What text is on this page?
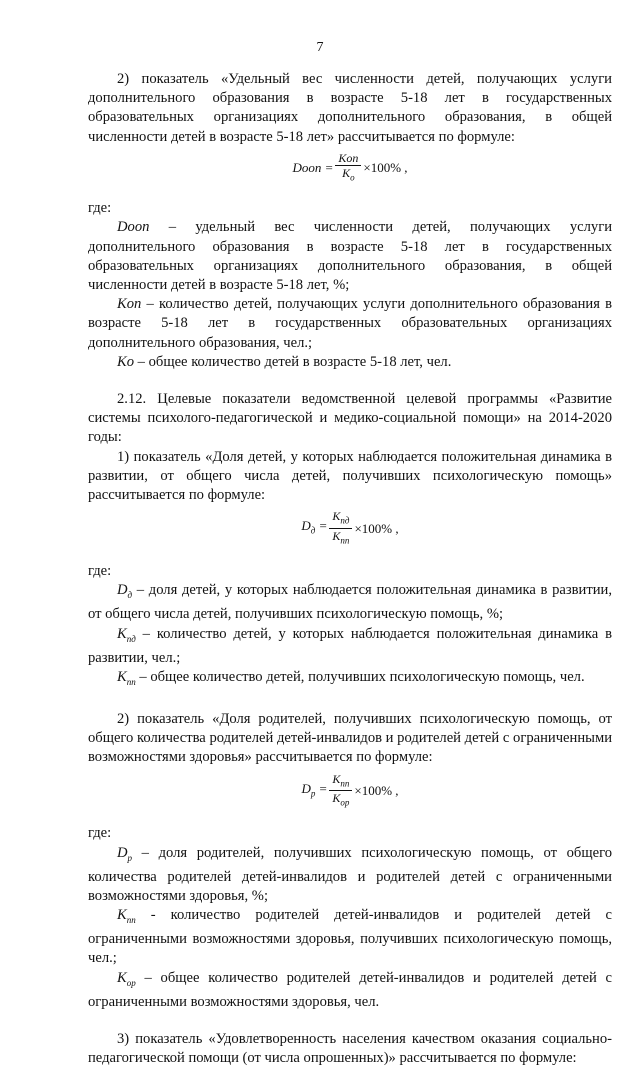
7

2) показатель «Удельный вес численности детей, получающих услуги дополнительного образования в возрасте 5-18 лет в государственных образовательных организациях дополнительного образования, в общей численности детей в возрасте 5-18 лет» рассчитывается по формуле:

Doon = $\frac{\text{Kon}}{K_o} \times 100\%$ ,

где:

Doon – удельный вес численности детей, получающих услуги дополнительного образования в возрасте 5-18 лет в государственных образовательных организациях дополнительного образования, в общей численности детей в возрасте 5-18 лет, %;

Kon – количество детей, получающих услуги дополнительного образования в возрасте 5-18 лет в государственных образовательных организациях дополнительного образования, чел.;

Ko – общее количество детей в возрасте 5-18 лет, чел.

2.12. Целевые показатели ведомственной целевой программы «Развитие системы психолого-педагогической и медико-социальной помощи» на 2014-2020 годы:

1) показатель «Доля детей, у которых наблюдается положительная динамика в развитии, от общего числа детей, получивших психологическую помощь» рассчитывается по формуле:

$D_д = \frac{K_{пд}}{K_{пп}} \times 100\%$ ,

где:

$D_д$ – доля детей, у которых наблюдается положительная динамика в развитии, от общего числа детей, получивших психологическую помощь, %;

$K_{пд}$ – количество детей, у которых наблюдается положительная динамика в развитии, чел.;

$K_{пп}$ – общее количество детей, получивших психологическую помощь, чел.

2) показатель «Доля родителей, получивших психологическую помощь, от общего количества родителей детей-инвалидов и родителей детей с ограниченными возможностями здоровья» рассчитывается по формуле:

$D_р = \frac{K_{пп}}{K_{ор}} \times 100\%$ ,

где:

$D_р$ – доля родителей, получивших психологическую помощь, от общего количества родителей детей-инвалидов и родителей детей с ограниченными возможностями здоровья, %;

$K_{пп}$ - количество родителей детей-инвалидов и родителей детей с ограниченными возможностями здоровья, получивших психологическую помощь, чел.;

$K_{ор}$ – общее количество родителей детей-инвалидов и родителей детей с ограниченными возможностями здоровья, чел.

3) показатель «Удовлетворенность населения качеством оказания социально-педагогической помощи (от числа опрошенных)» рассчитывается по формуле:
